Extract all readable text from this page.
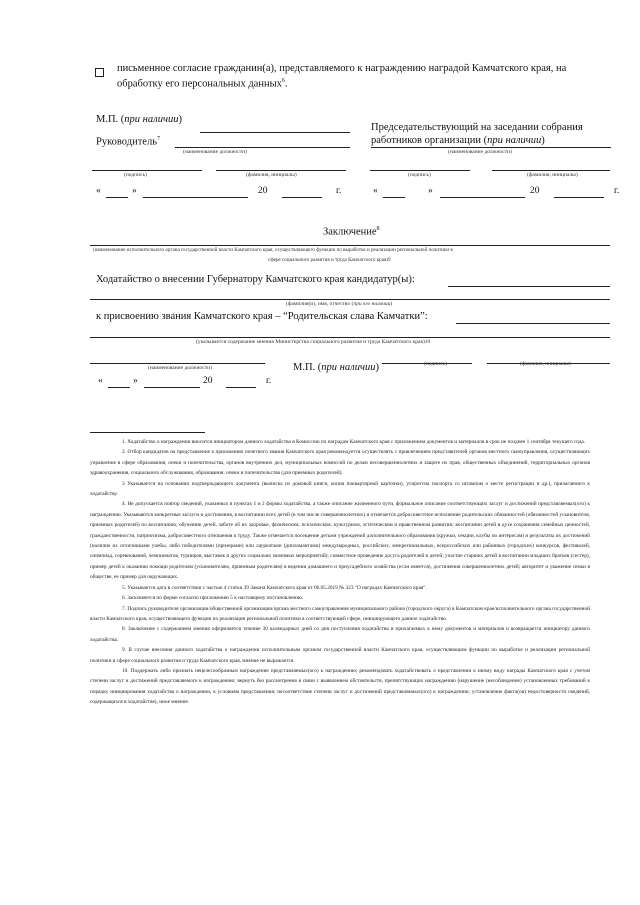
письменное согласие гражданин(а), представляемого к награждению наградой Камчатского края, на
обработку его персональных данных$^6$.
М.П. (при наличии)
Руководитель$^7$
(наименование должности)
(подпись)	(фамилия, инициалы)
«	»	20	г.
Председательствующий на заседании собрания
работников организации (при наличии)
(наименование должности)
(подпись)	(фамилия, инициалы)
«	»	20	г.
Заключение$^8$
(наименование исполнительного органа государственной власти Камчатского края, осуществляющего функции по выработке и реализации региональной политики в
сфере социального развития и труда Камчатского края)9
Ходатайство о внесении Губернатору Камчатского края кандидатур(ы):
(фамилия(и), имя, отчество (при его наличии)
к присвоению звания Камчатского края – “Родительская слава Камчатки”:
(указывается содержание мнения Министерства социального развития и труда Камчатского края)10
(наименование должности)	М.П. (при наличии)	(подпись)	(фамилия, инициалы)
«	»	20	г.

1. Ходатайство о награждении вносится инициатором данного ходатайства в Комиссию по наградам Камчатского края с приложением документов и материалов в срок не позднее 1 сентября текущего года.

2. Отбор кандидатов на представление к присвоению почетного звания Камчатского края рекомендуется осуществлять с привлечением представителей органов местного самоуправления, осуществляющих управление в сфере образования, опеки и попечительства, органов внутренних дел, муниципальных комиссий по делам несовершеннолетних и защите их прав, общественных объединений, территориальных органов здравоохранения, социального обслуживания, образования, опеки и попечительства (для приемных родителей).

3 Указывается на основании подтверждающего документа (выписка из домовой книги, копия поквартирной карточки), усиротсна паспорта со штампом о месте регистрации и др.), прилагаемого к ходатайству.

4. Не допускается повтор сведений, указанных в пунктах 1 и 2 формы ходатайства, а также описание жизненного пути, формальное описание соответствующих заслуг и достижений представляемых(ого) к награждению. Указываются конкретные заслуги и достижения, в воспитании всех детей (в том числе совершеннолетних) и отмечается добросовестное исполнение родительских обязанностей (обязанностей усыновителя, приемных родителей) по воспитанию, обучению детей, заботе об их здоровье, физическом, психическом, культурном, эстетическом и нравственном развитии; воспитании детей в духе сохранения семейных ценностей, гражданственности, патриотизма, добросовестного отношения к труду. Также отмечается посещение детьми учреждений дополнительного образования (кружки, секции, клубы по интересам) и результаты их достижений (наличие их отличниками учебы, либо победителями (призерами) или лауреатами (дипломантами) международных, российских, межрегиональных, всероссийских или районных (городских) конкурсов, фестивалей, олимпиад, соревнований, чемпионатов, турниров, выставок и других социально значимых мероприятий); совместное проведение досуга родителей и детей; участие старших детей в воспитании младших братьев (сестер), пример детей к оказанию помощи родителям (усыновителям, приемным родителям) в ведении домашнего и приусадебного хозяйства (если имеется), достижения совершеннолетних детей; авторитет и уважение семьи в обществе, ее пример для окружающих.

5. Указывается дата в соответствии с частью 4 статьи 39 Закона Камчатского края от 06.05.2019 № 323 "О наградах Камчатского края".

6. Заполняется по форме согласно приложению 5 к настоящему постановлению.

7. Подпись руководителя организации/общественной организации/органа местного самоуправления муниципального района (городского округа) в Камчатском крае/исполнительного органа государственной власти Камчатского края, осуществляющего функции по реализации региональной политики в соответствующей сфере, инициирующего данное ходатайство.

8. Заключение с содержанием мнения оформляется течение 30 календарных дней со дня поступления ходатайства и прилагаемых к нему документов и материалов и возвращается инициатору данного ходатайства.

9. В случае внесения данного ходатайства о награждении исполнительным органом государственной власти Камчатского края, осуществляющим функции по выработке и реализации региональной политики в сфере социального развития и труда Камчатского края, мнение не выражается.

10. Поддержать либо признать нецелесообразным награждение представляемых(ого) к награждению; рекомендовать ходатайствовать о представлении к иному виду награды Камчатского края с учетом степени заслуг и достижений представляемого к награждению; вернуть без рассмотрения в связи с выявлением обстоятельств, препятствующих награждению (нарушение (несоблюдение) установленных требований к порядку инициирования ходатайства о награждении, к условиям представления; несоответствие степени заслуг и достижений представляемых(ого) к награждению; установление факта(ов) недостоверности сведений, содержащихся в ходатайстве), иное мнение.
